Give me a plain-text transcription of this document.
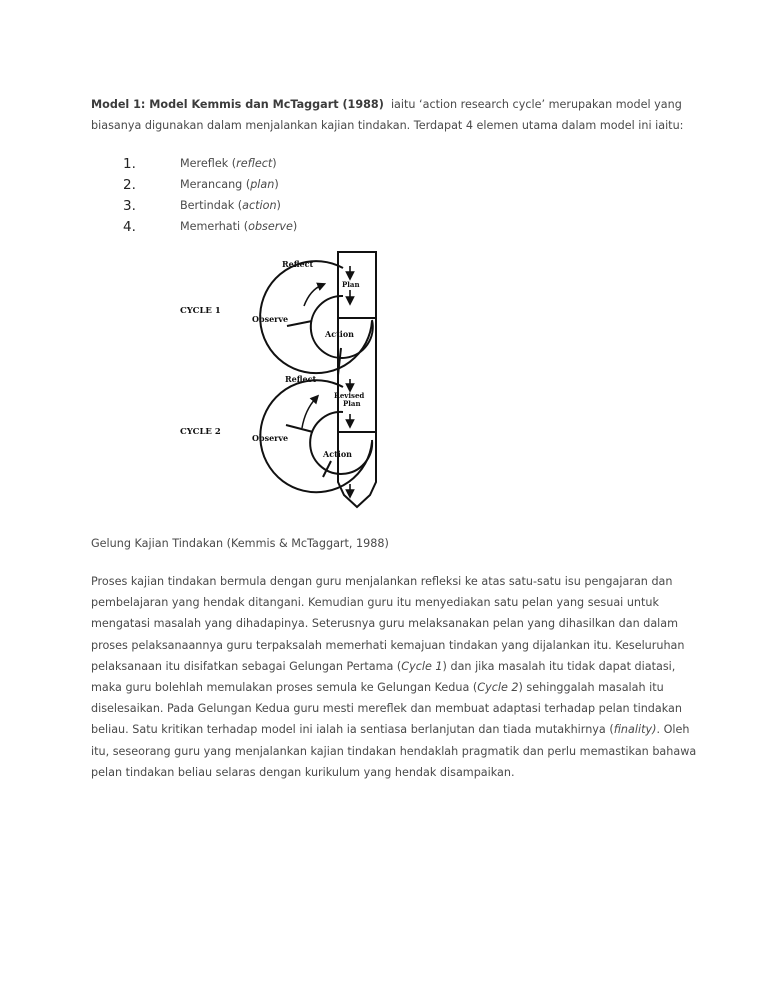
Model 1: Model Kemmis dan McTaggart (1988) iaitu ‘action research cycle’ merupakan model yang biasanya digunakan dalam menjalankan kajian tindakan. Terdapat 4 elemen utama dalam model ini iaitu:
1.	Mereflek (reflect)
2.	Merancang (plan)
3.	Bertindak (action)
4.	Memerhati (observe)
CYCLE 1
CYCLE 2
Reflect
Observe
Plan
Action
Reflect
Observe
Revised
Plan
Action
Gelung Kajian Tindakan (Kemmis & McTaggart, 1988)
Proses kajian tindakan bermula dengan guru menjalankan refleksi ke atas satu-satu isu pengajaran dan pembelajaran yang hendak ditangani. Kemudian guru itu menyediakan satu pelan yang sesuai untuk mengatasi masalah yang dihadapinya. Seterusnya guru melaksanakan pelan yang dihasilkan dan dalam proses pelaksanaannya guru terpaksalah memerhati kemajuan tindakan yang dijalankan itu. Keseluruhan pelaksanaan itu disifatkan sebagai Gelungan Pertama (Cycle 1) dan jika masalah itu tidak dapat diatasi, maka guru bolehlah memulakan proses semula ke Gelungan Kedua (Cycle 2) sehinggalah masalah itu diselesaikan. Pada Gelungan Kedua guru mesti mereflek dan membuat adaptasi terhadap pelan tindakan beliau. Satu kritikan terhadap model ini ialah ia sentiasa berlanjutan dan tiada mutakhirnya (finality). Oleh itu, seseorang guru yang menjalankan kajian tindakan hendaklah pragmatik dan perlu memastikan bahawa pelan tindakan beliau selaras dengan kurikulum yang hendak disampaikan.
